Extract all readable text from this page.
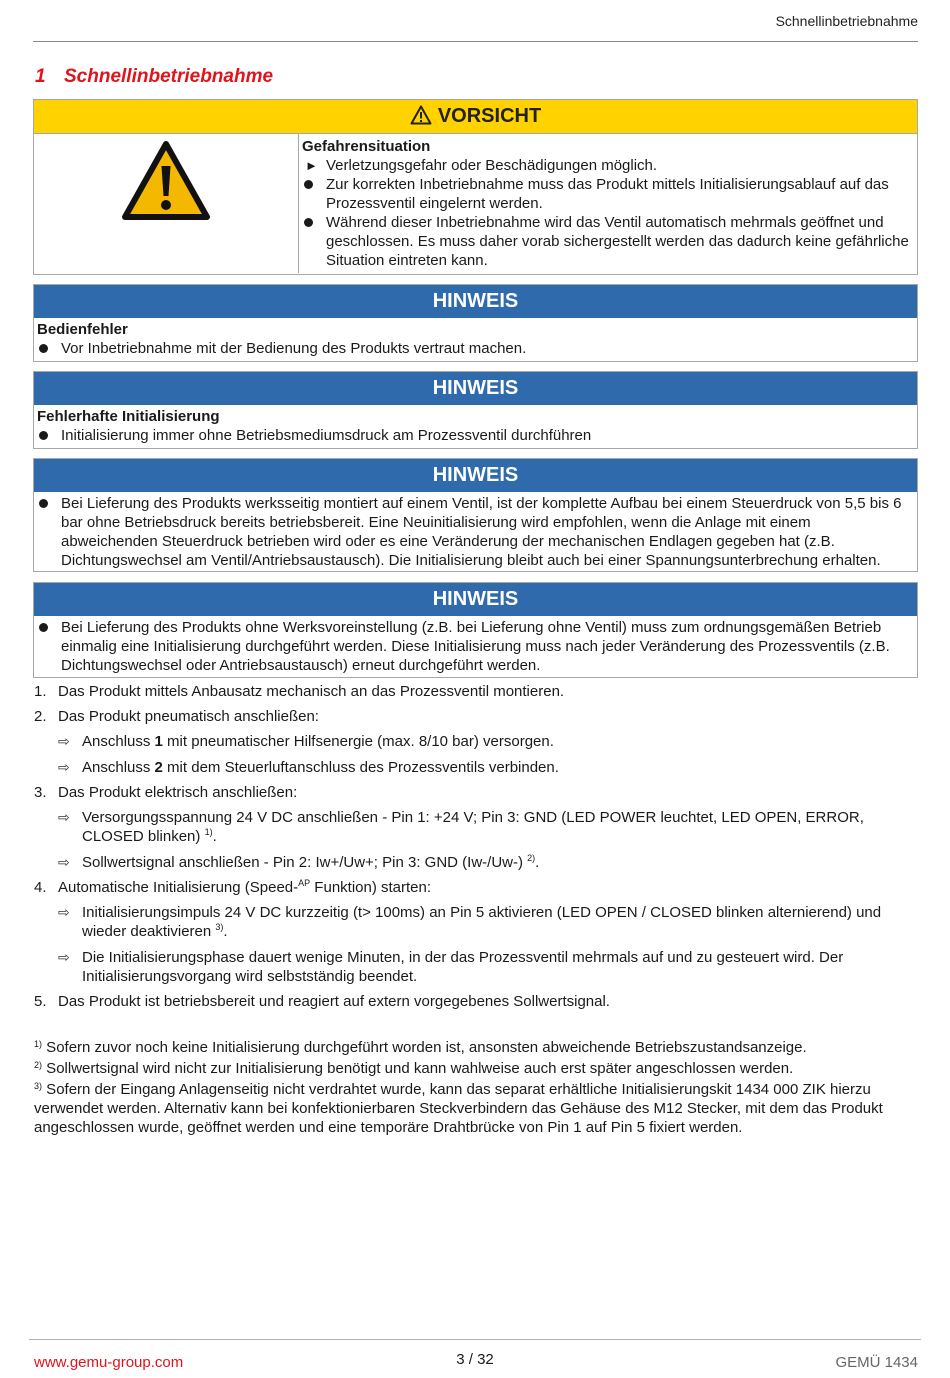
Schnellinbetriebnahme
1 Schnellinbetriebnahme
VORSICHT
Gefahrensituation
► Verletzungsgefahr oder Beschädigungen möglich.
Zur korrekten Inbetriebnahme muss das Produkt mittels Initialisierungsablauf auf das Prozessventil eingelernt werden.
Während dieser Inbetriebnahme wird das Ventil automatisch mehrmals geöffnet und geschlossen. Es muss daher vorab sichergestellt werden das dadurch keine gefährliche Situation eintreten kann.
HINWEIS
Bedienfehler
Vor Inbetriebnahme mit der Bedienung des Produkts vertraut machen.
HINWEIS
Fehlerhafte Initialisierung
Initialisierung immer ohne Betriebsmediumsdruck am Prozessventil durchführen
HINWEIS
Bei Lieferung des Produkts werksseitig montiert auf einem Ventil, ist der komplette Aufbau bei einem Steuerdruck von 5,5 bis 6 bar ohne Betriebsdruck bereits betriebsbereit. Eine Neuinitialisierung wird empfohlen, wenn die Anlage mit einem abweichenden Steuerdruck betrieben wird oder es eine Veränderung der mechanischen Endlagen gegeben hat (z.B. Dichtungswechsel am Ventil/Antriebsaustausch). Die Initialisierung bleibt auch bei einer Spannungsunterbrechung erhalten.
HINWEIS
Bei Lieferung des Produkts ohne Werksvoreinstellung (z.B. bei Lieferung ohne Ventil) muss zum ordnungsgemäßen Betrieb einmalig eine Initialisierung durchgeführt werden. Diese Initialisierung muss nach jeder Veränderung des Prozessventils (z.B. Dichtungswechsel oder Antriebsaustausch) erneut durchgeführt werden.
1. Das Produkt mittels Anbausatz mechanisch an das Prozessventil montieren.
2. Das Produkt pneumatisch anschließen:
⇨ Anschluss 1 mit pneumatischer Hilfsenergie (max. 8/10 bar) versorgen.
⇨ Anschluss 2 mit dem Steuerluftanschluss des Prozessventils verbinden.
3. Das Produkt elektrisch anschließen:
⇨ Versorgungsspannung 24 V DC anschließen - Pin 1: +24 V; Pin 3: GND (LED POWER leuchtet, LED OPEN, ERROR, CLOSED blinken) $^{1)}$.
⇨ Sollwertsignal anschließen - Pin 2: Iw+/Uw+; Pin 3: GND (Iw-/Uw-) $^{2)}$.
4. Automatische Initialisierung (Speed-$^{AP}$ Funktion) starten:
⇨ Initialisierungsimpuls 24 V DC kurzzeitig (t> 100ms) an Pin 5 aktivieren (LED OPEN / CLOSED blinken alternierend) und wieder deaktivieren $^{3)}$.
⇨ Die Initialisierungsphase dauert wenige Minuten, in der das Prozessventil mehrmals auf und zu gesteuert wird. Der Initialisierungsvorgang wird selbstständig beendet.
5. Das Produkt ist betriebsbereit und reagiert auf extern vorgegebenes Sollwertsignal.
$^{1)}$ Sofern zuvor noch keine Initialisierung durchgeführt worden ist, ansonsten abweichende Betriebszustandsanzeige.
$^{2)}$ Sollwertsignal wird nicht zur Initialisierung benötigt und kann wahlweise auch erst später angeschlossen werden.
$^{3)}$ Sofern der Eingang Anlagenseitig nicht verdrahtet wurde, kann das separat erhältliche Initialisierungskit 1434 000 ZIK hierzu verwendet werden. Alternativ kann bei konfektionierbaren Steckverbindern das Gehäuse des M12 Stecker, mit dem das Produkt angeschlossen wurde, geöffnet werden und eine temporäre Drahtbrücke von Pin 1 auf Pin 5 fixiert werden.
www.gemu-group.com	3 / 32	GEMÜ 1434
